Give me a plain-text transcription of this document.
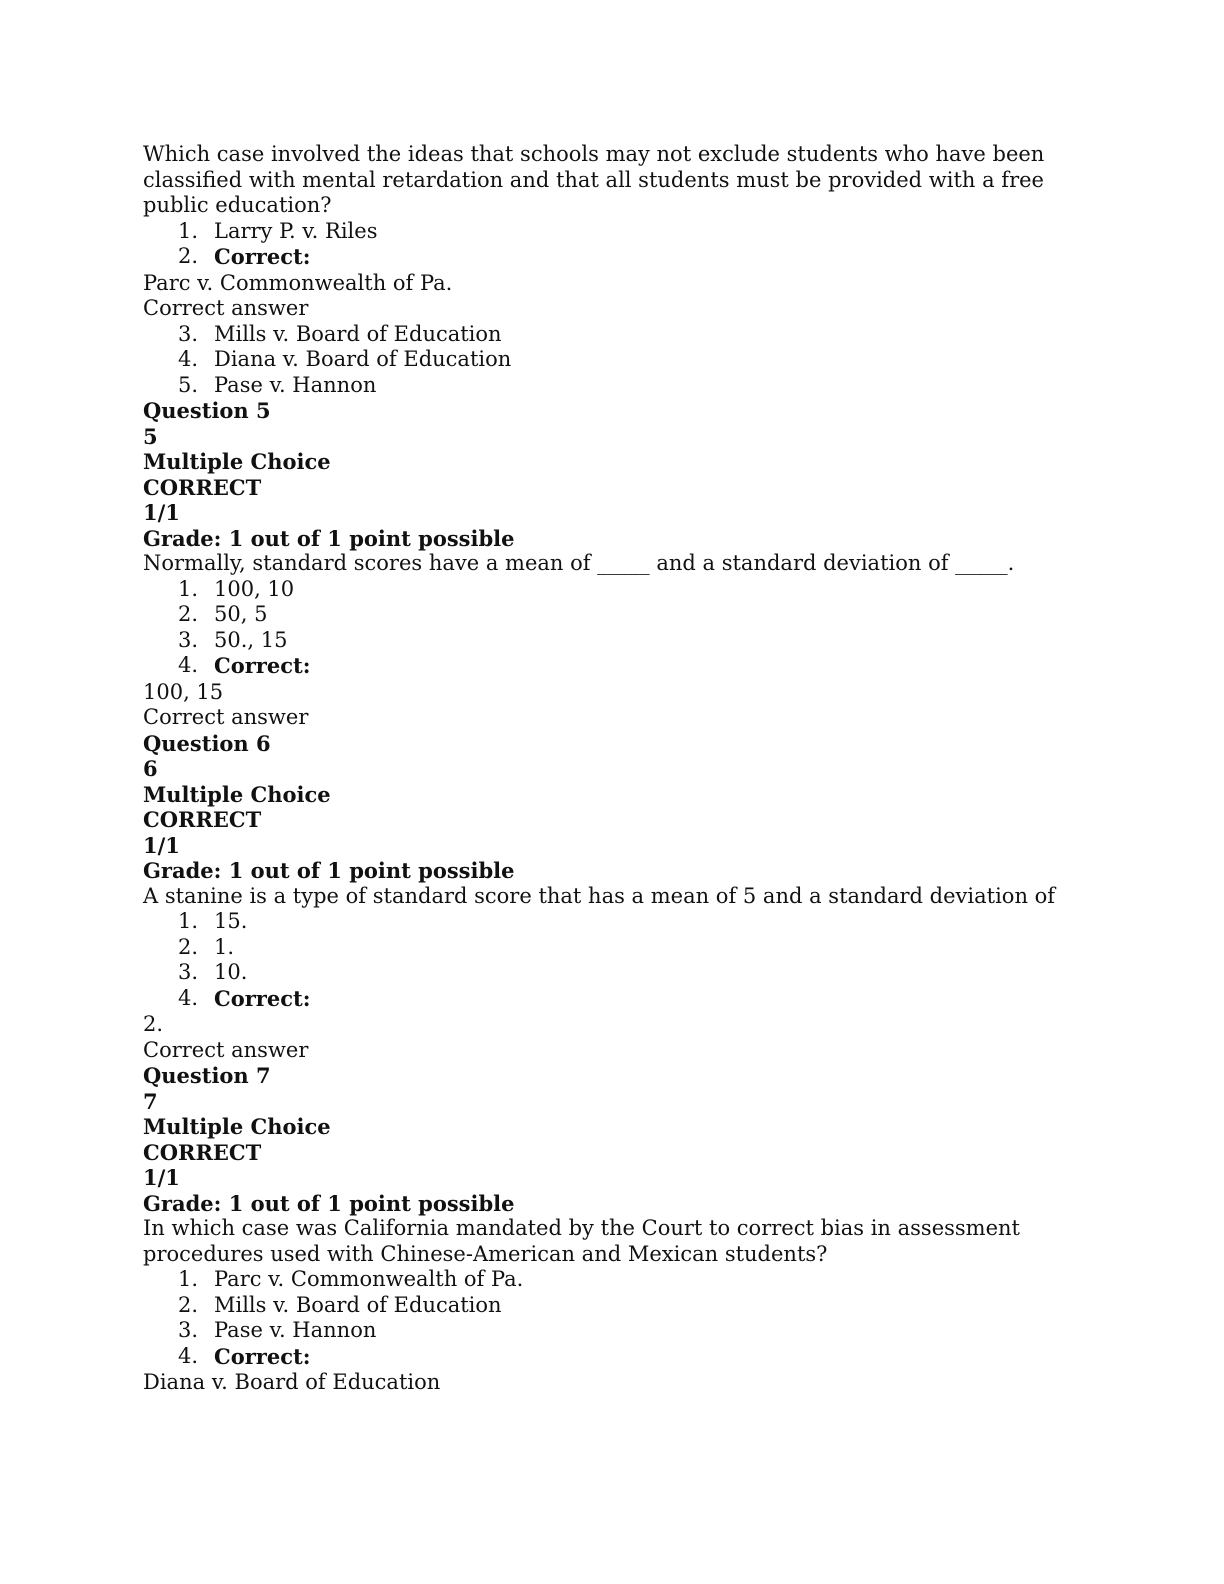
Which case involved the ideas that schools may not exclude students who have been classified with mental retardation and that all students must be provided with a free public education?
1. Larry P. v. Riles
2. Correct:
Parc v. Commonwealth of Pa.
Correct answer
3. Mills v. Board of Education
4. Diana v. Board of Education
5. Pase v. Hannon
Question 5
5
Multiple Choice
CORRECT
1/1
Grade: 1 out of 1 point possible
Normally, standard scores have a mean of _____ and a standard deviation of _____.
1. 100, 10
2. 50, 5
3. 50., 15
4. Correct:
100, 15
Correct answer
Question 6
6
Multiple Choice
CORRECT
1/1
Grade: 1 out of 1 point possible
A stanine is a type of standard score that has a mean of 5 and a standard deviation of
1. 15.
2. 1.
3. 10.
4. Correct:
2.
Correct answer
Question 7
7
Multiple Choice
CORRECT
1/1
Grade: 1 out of 1 point possible
In which case was California mandated by the Court to correct bias in assessment procedures used with Chinese-American and Mexican students?
1. Parc v. Commonwealth of Pa.
2. Mills v. Board of Education
3. Pase v. Hannon
4. Correct:
Diana v. Board of Education
